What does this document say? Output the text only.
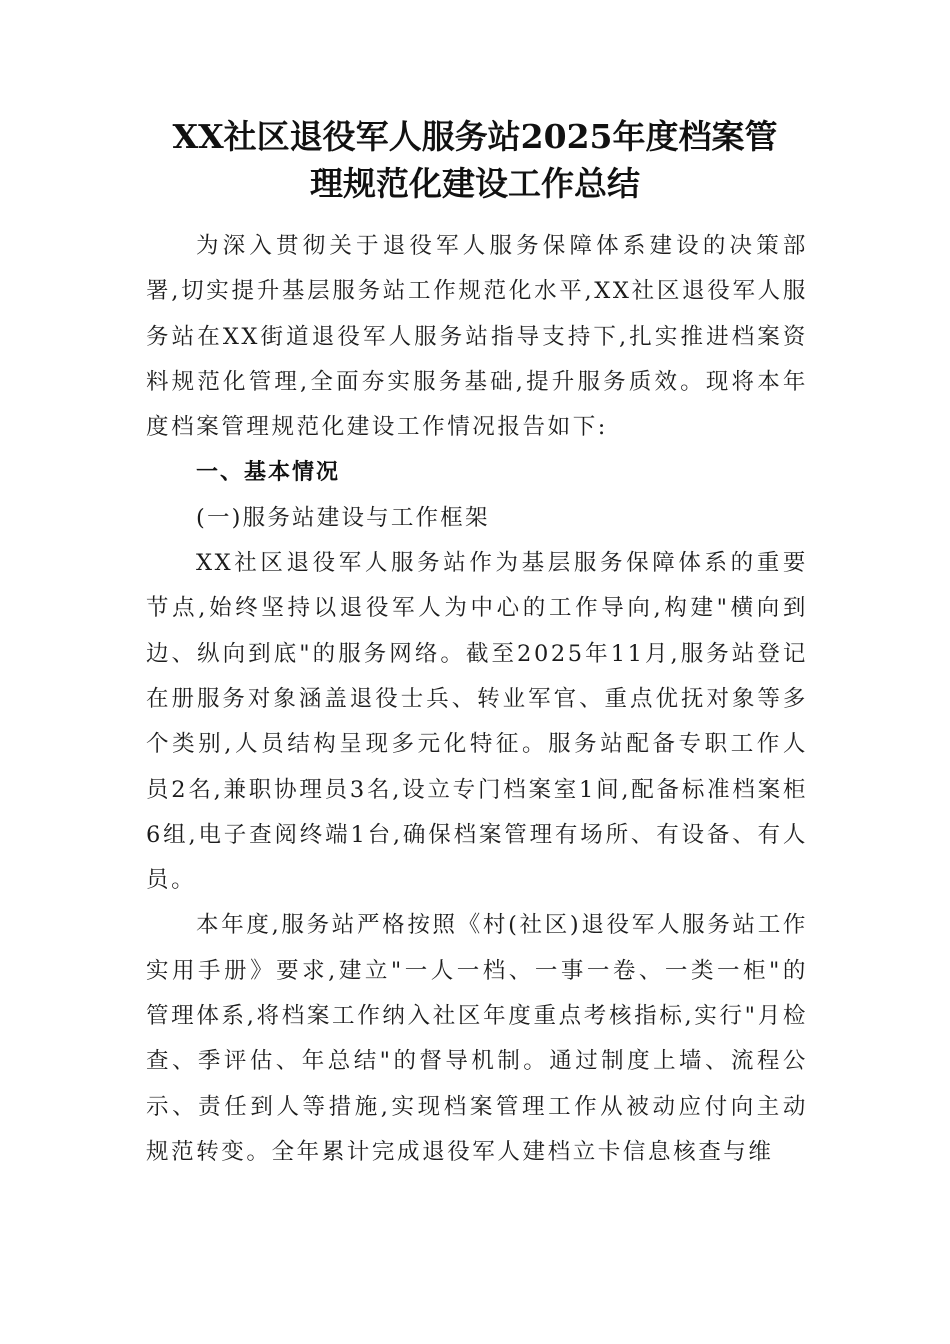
XX社区退役军人服务站2025年度档案管
理规范化建设工作总结

为深入贯彻关于退役军人服务保障体系建设的决策部署,切实提升基层服务站工作规范化水平,XX社区退役军人服务站在XX街道退役军人服务站指导支持下,扎实推进档案资料规范化管理,全面夯实服务基础,提升服务质效。现将本年度档案管理规范化建设工作情况报告如下:

一、基本情况

(一)服务站建设与工作框架

XX社区退役军人服务站作为基层服务保障体系的重要节点,始终坚持以退役军人为中心的工作导向,构建"横向到边、纵向到底"的服务网络。截至2025年11月,服务站登记在册服务对象涵盖退役士兵、转业军官、重点优抚对象等多个类别,人员结构呈现多元化特征。服务站配备专职工作人员2名,兼职协理员3名,设立专门档案室1间,配备标准档案柜6组,电子查阅终端1台,确保档案管理有场所、有设备、有人员。

本年度,服务站严格按照《村(社区)退役军人服务站工作实用手册》要求,建立"一人一档、一事一卷、一类一柜"的管理体系,将档案工作纳入社区年度重点考核指标,实行"月检查、季评估、年总结"的督导机制。通过制度上墙、流程公示、责任到人等措施,实现档案管理工作从被动应付向主动规范转变。全年累计完成退役军人建档立卡信息核查与维
